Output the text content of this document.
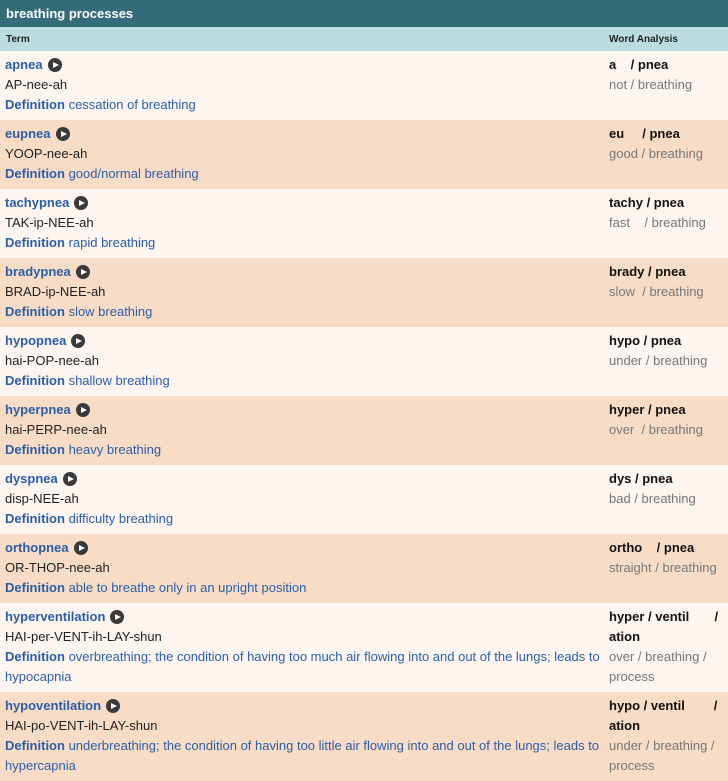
breathing processes
Term	Word Analysis
apnea
AP-nee-ah
Definition cessation of breathing
a    / pnea
not / breathing
eupnea
YOOP-nee-ah
Definition good/normal breathing
eu     / pnea
good / breathing
tachypnea
TAK-ip-NEE-ah
Definition rapid breathing
tachy / pnea
fast    / breathing
bradypnea
BRAD-ip-NEE-ah
Definition slow breathing
brady / pnea
slow  / breathing
hypopnea
hai-POP-nee-ah
Definition shallow breathing
hypo / pnea
under / breathing
hyperpnea
hai-PERP-nee-ah
Definition heavy breathing
hyper / pnea
over  / breathing
dyspnea
disp-NEE-ah
Definition difficulty breathing
dys / pnea
bad / breathing
orthopnea
OR-THOP-nee-ah
Definition able to breathe only in an upright position
ortho    / pnea
straight / breathing
hyperventilation
HAI-per-VENT-ih-LAY-shun
Definition overbreathing; the condition of having too much air flowing into and out of the lungs; leads to hypocapnia
hyper / ventil       / ation
over / breathing / process
hypoventilation
HAI-po-VENT-ih-LAY-shun
Definition underbreathing; the condition of having too little air flowing into and out of the lungs; leads to hypercapnia
hypo / ventil        / ation
under / breathing / process
